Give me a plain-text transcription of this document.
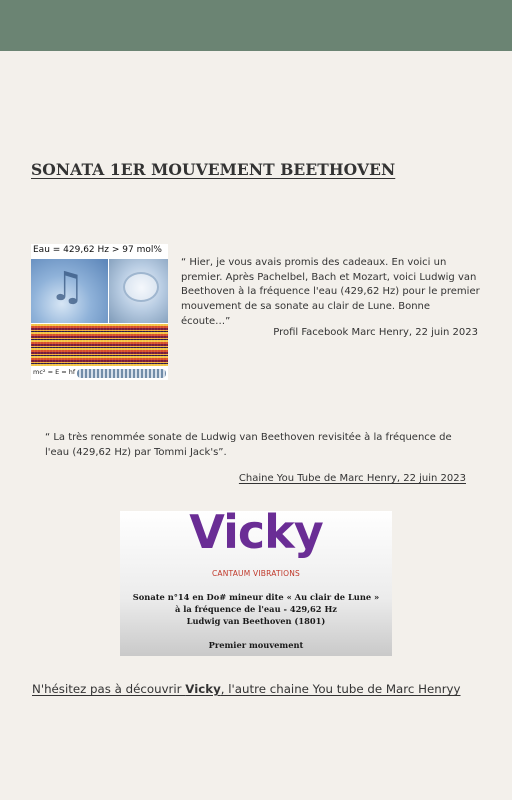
SONATA 1ER MOUVEMENT BEETHOVEN
Eau = 429,62 Hz > 97 mol%
♫
mc² = E = hf

“ Hier, je vous avais promis des cadeaux. En voici un premier. Après Pachelbel, Bach et Mozart, voici Ludwig van Beethoven à la fréquence l'eau (429,62 Hz) pour le premier mouvement de sa sonate au clair de Lune. Bonne écoute…”

Profil Facebook Marc Henry, 22 juin 2023

“ La très renommée sonate de Ludwig van Beethoven revisitée à la fréquence de l'eau (429,62 Hz) par Tommi Jack's”.

Chaine You Tube de Marc Henry, 22 juin 2023
Vicky
CANTAUM VIBRATIONS
Sonate n°14 en Do# mineur dite « Au clair de Lune »
à la fréquence de l'eau - 429,62 Hz
Ludwig van Beethoven (1801)
Premier mouvement

N'hésitez pas à découvrir Vicky, l'autre chaine You tube de Marc Henryy
